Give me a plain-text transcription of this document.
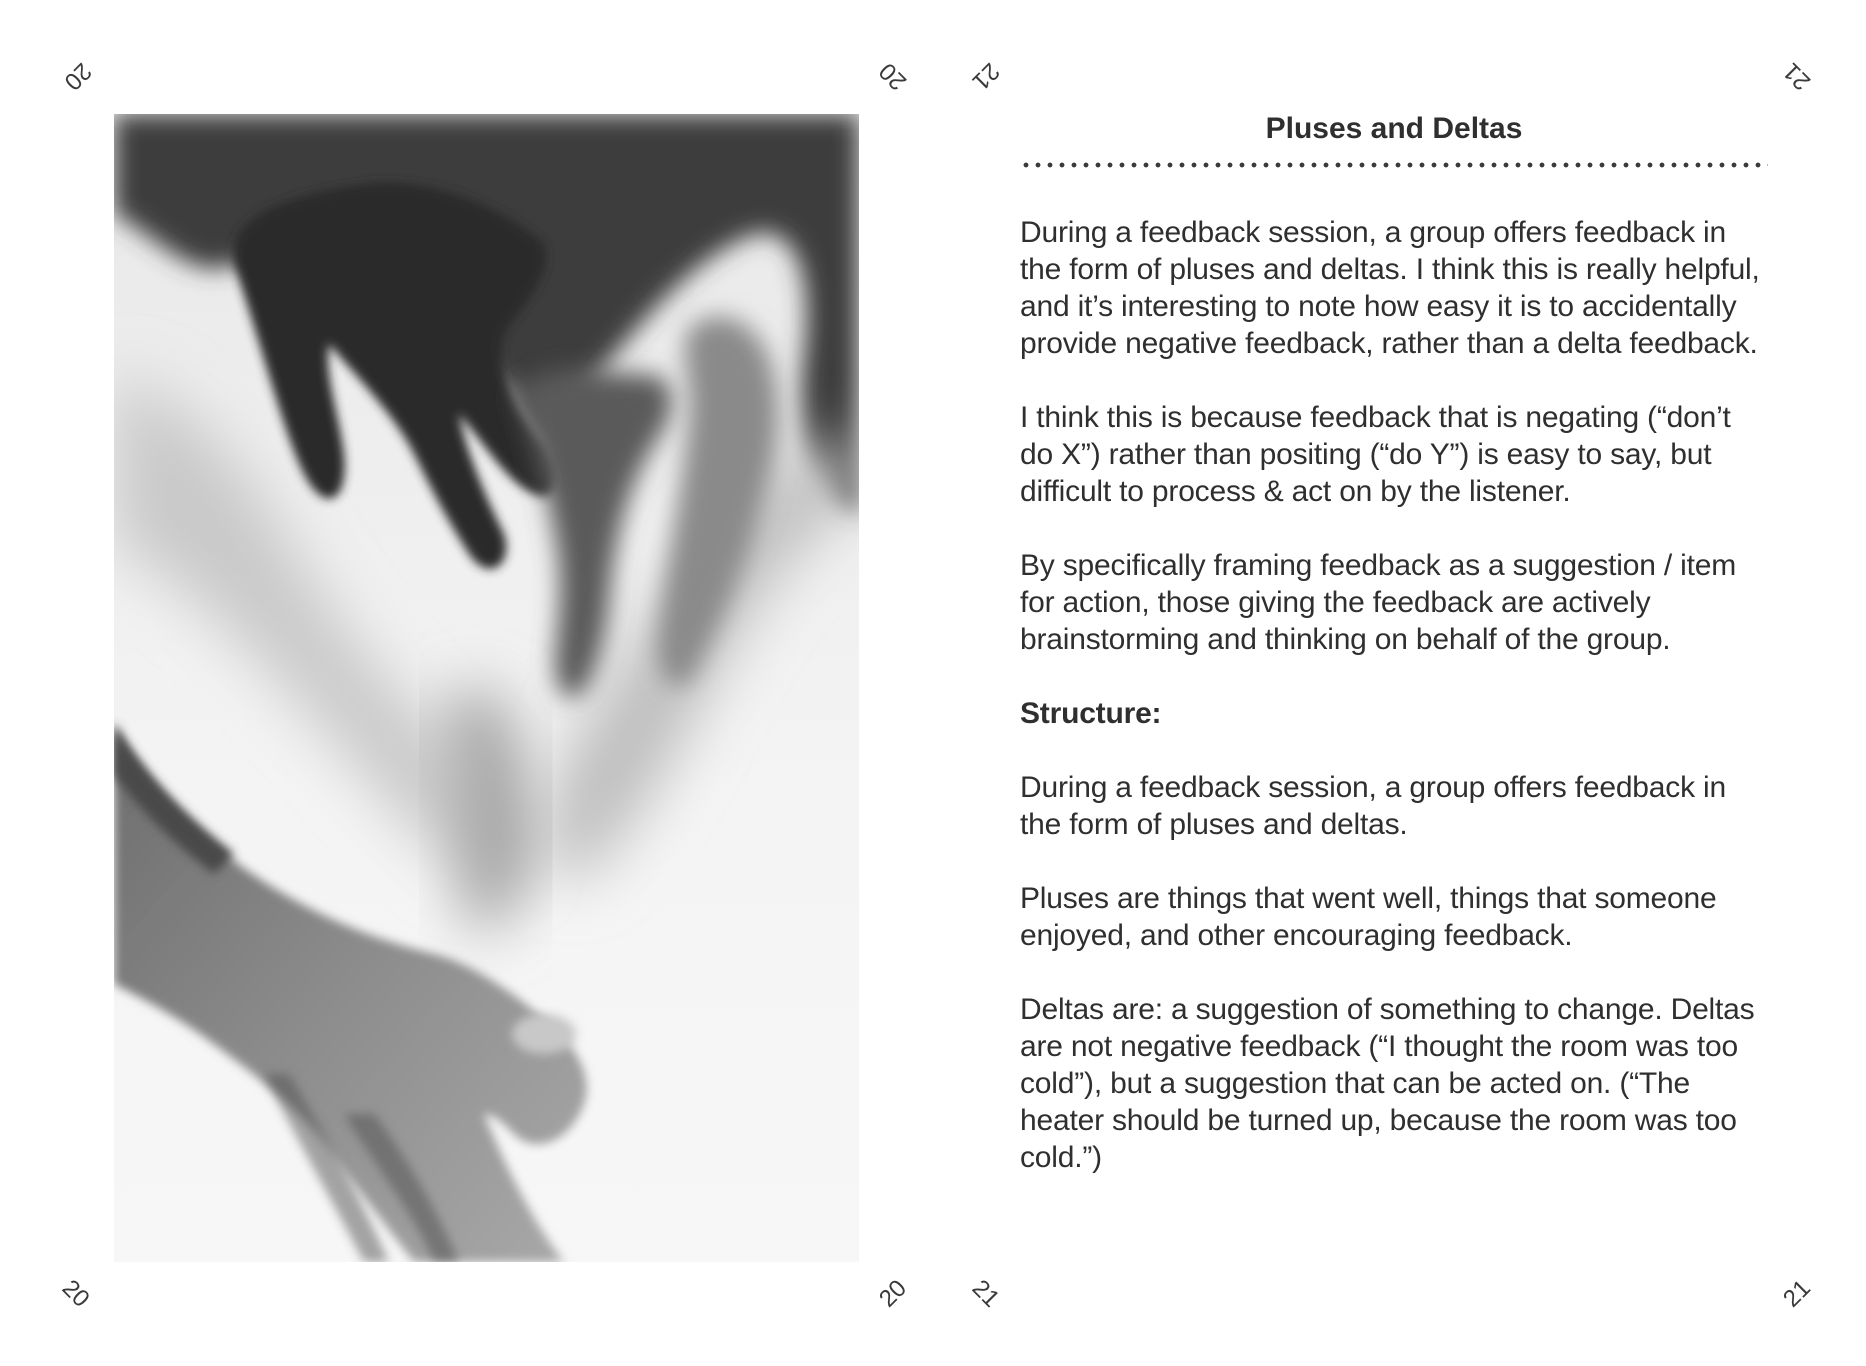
20	20
20	20
21	21
21	21
Pluses and Deltas

During a feedback session, a group offers feedback in the form of pluses and deltas. I think this is really helpful, and it’s interesting to note how easy it is to accidentally provide negative feedback, rather than a delta feedback.

I think this is because feedback that is negating (“don’t do X”) rather than positing (“do Y”) is easy to say, but difficult to process & act on by the listener.

By specifically framing feedback as a suggestion / item for action, those giving the feedback are actively brainstorming and thinking on behalf of the group.

Structure:

During a feedback session, a group offers feedback in the form of pluses and deltas.

Pluses are things that went well, things that someone enjoyed, and other encouraging feedback.

Deltas are: a suggestion of something to change. Deltas are not negative feedback (“I thought the room was too cold”), but a suggestion that can be acted on. (“The heater should be turned up, because the room was too cold.”)
